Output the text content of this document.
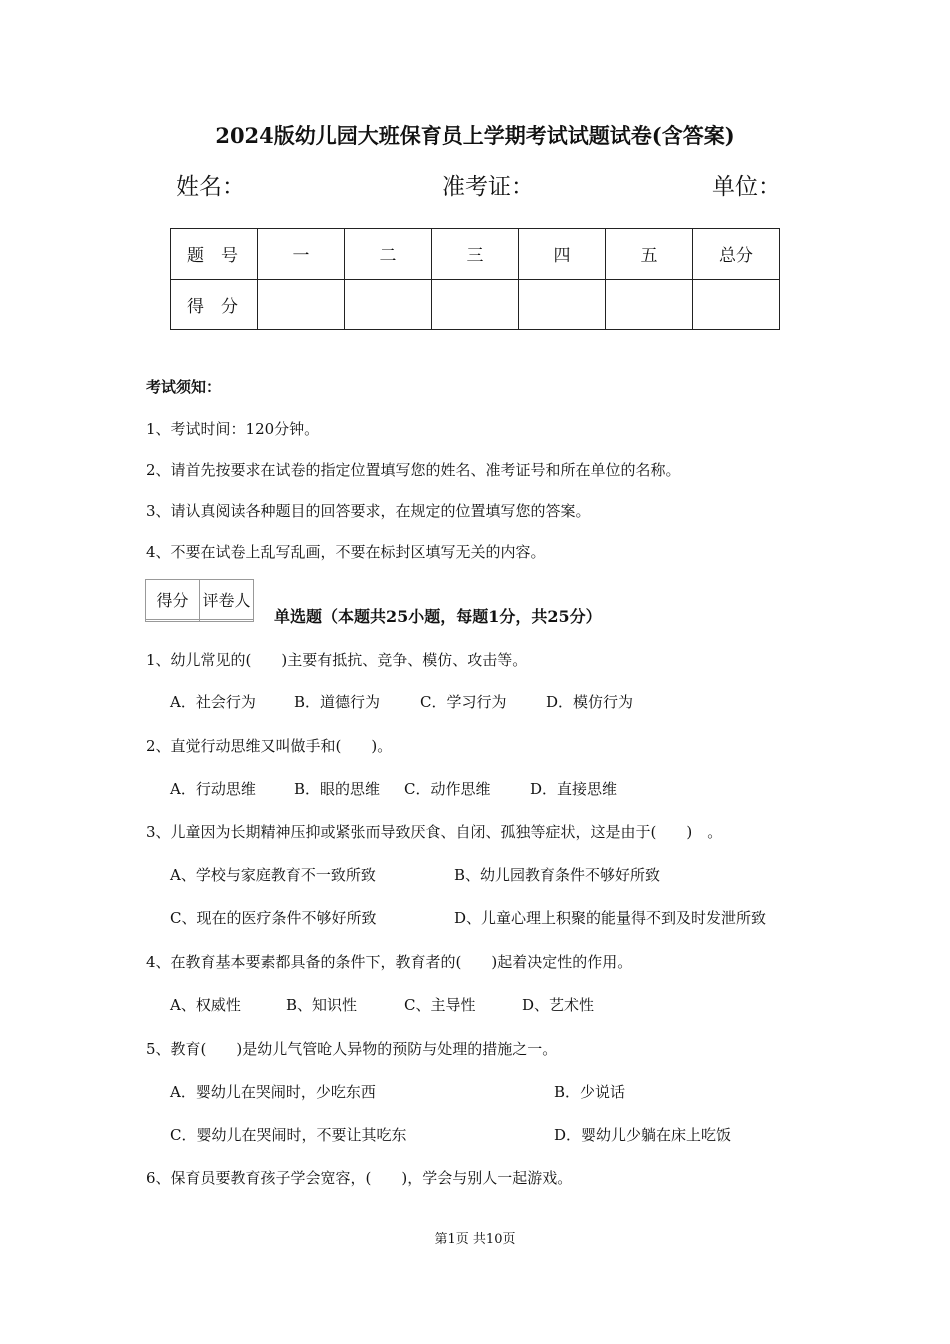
2024版幼儿园大班保育员上学期考试试题试卷(含答案)
姓名：	准考证：	单位：
题　号	一	二	三	四	五	总分
得　分						
考试须知：
1、考试时间：120分钟。
2、请首先按要求在试卷的指定位置填写您的姓名、准考证号和所在单位的名称。
3、请认真阅读各种题目的回答要求，在规定的位置填写您的答案。
4、不要在试卷上乱写乱画，不要在标封区填写无关的内容。
得分	评卷人

单选题（本题共25小题，每题1分，共25分）
1、幼儿常见的(　　)主要有抵抗、竞争、模仿、攻击等。
A．社会行为	B．道德行为	C．学习行为	D．模仿行为
2、直觉行动思维又叫做手和(　　)。
A．行动思维	B．眼的思维 C．动作思维	D．直接思维
3、儿童因为长期精神压抑或紧张而导致厌食、自闭、孤独等症状，这是由于(　　)　。
A、学校与家庭教育不一致所致	B、幼儿园教育条件不够好所致
C、现在的医疗条件不够好所致	D、儿童心理上积聚的能量得不到及时发泄所致
4、在教育基本要素都具备的条件下，教育者的(　　)起着决定性的作用。
A、权威性	B、知识性	C、主导性	D、艺术性
5、教育(　　)是幼儿气管呛人异物的预防与处理的措施之一。
A．婴幼儿在哭闹时，少吃东西	B．少说话
C．婴幼儿在哭闹时，不要让其吃东	D．婴幼儿少躺在床上吃饭
6、保育员要教育孩子学会宽容，(　　)，学会与别人一起游戏。
第1页 共10页
